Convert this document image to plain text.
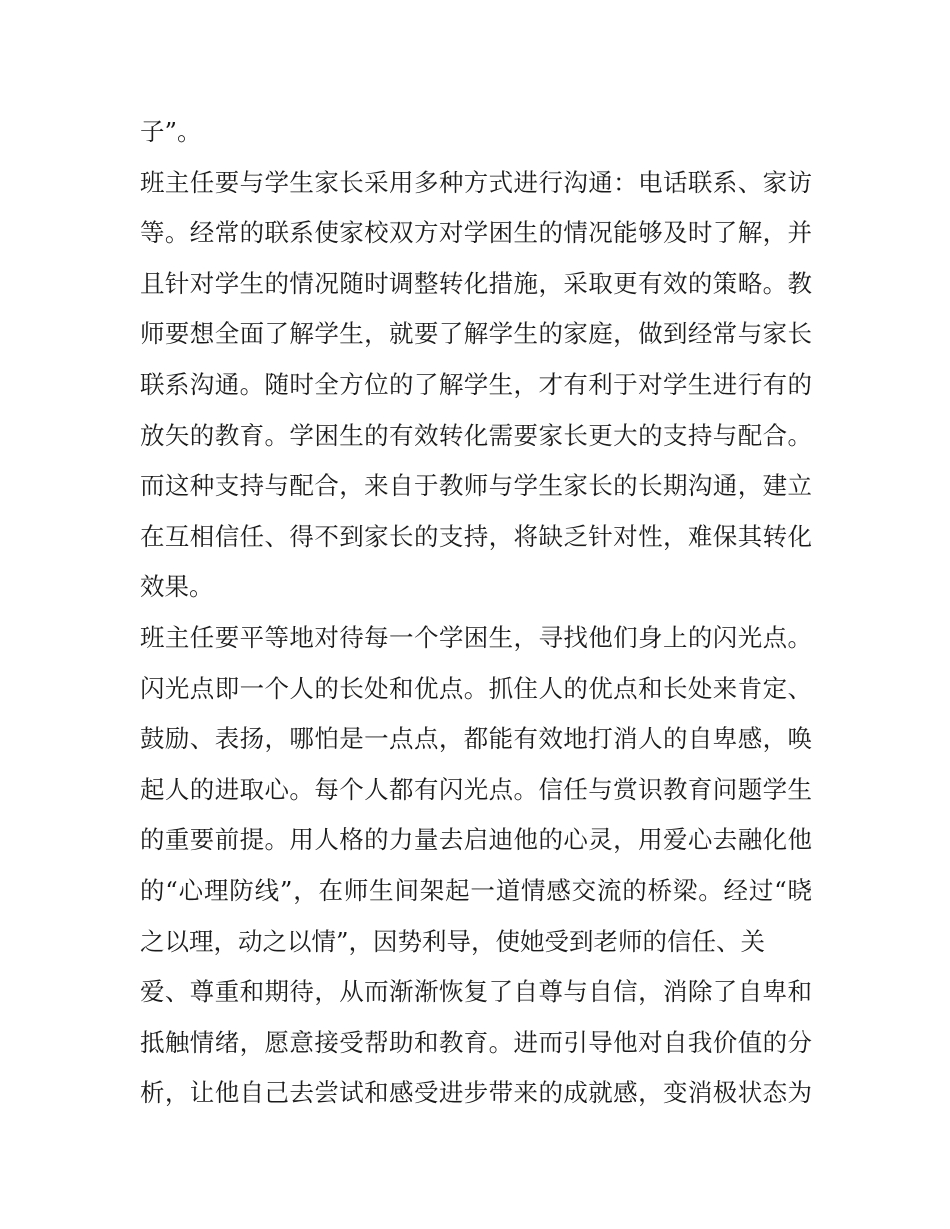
子”。
班主任要与学生家长采用多种方式进行沟通：电话联系、家访
等。经常的联系使家校双方对学困生的情况能够及时了解，并
且针对学生的情况随时调整转化措施，采取更有效的策略。教
师要想全面了解学生，就要了解学生的家庭，做到经常与家长
联系沟通。随时全方位的了解学生，才有利于对学生进行有的
放矢的教育。学困生的有效转化需要家长更大的支持与配合。
而这种支持与配合，来自于教师与学生家长的长期沟通，建立
在互相信任、得不到家长的支持，将缺乏针对性，难保其转化
效果。
班主任要平等地对待每一个学困生，寻找他们身上的闪光点。
闪光点即一个人的长处和优点。抓住人的优点和长处来肯定、
鼓励、表扬，哪怕是一点点，都能有效地打消人的自卑感，唤
起人的进取心。每个人都有闪光点。信任与赏识教育问题学生
的重要前提。用人格的力量去启迪他的心灵，用爱心去融化他
的“心理防线”，在师生间架起一道情感交流的桥梁。经过“晓
之以理，动之以情”，因势利导，使她受到老师的信任、关
爱、尊重和期待，从而渐渐恢复了自尊与自信，消除了自卑和
抵触情绪，愿意接受帮助和教育。进而引导他对自我价值的分
析，让他自己去尝试和感受进步带来的成就感，变消极状态为
